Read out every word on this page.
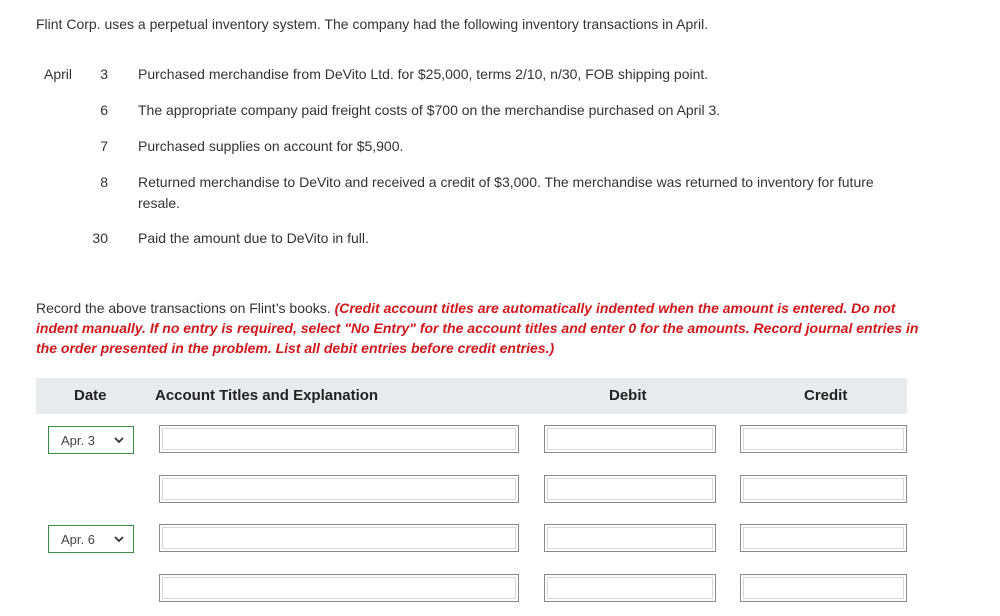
Flint Corp. uses a perpetual inventory system. The company had the following inventory transactions in April.
April	3 Purchased merchandise from DeVito Ltd. for $25,000, terms 2/10, n/30, FOB shipping point.
6 The appropriate company paid freight costs of $700 on the merchandise purchased on April 3.
7 Purchased supplies on account for $5,900.
8 Returned merchandise to DeVito and received a credit of $3,000. The merchandise was returned to inventory for future resale.
30 Paid the amount due to DeVito in full.
Record the above transactions on Flint’s books. (Credit account titles are automatically indented when the amount is entered. Do not indent manually. If no entry is required, select "No Entry" for the account titles and enter 0 for the amounts. Record journal entries in the order presented in the problem. List all debit entries before credit entries.)
Date	Account Titles and Explanation	Debit	Credit
Apr. 3
Apr. 6
